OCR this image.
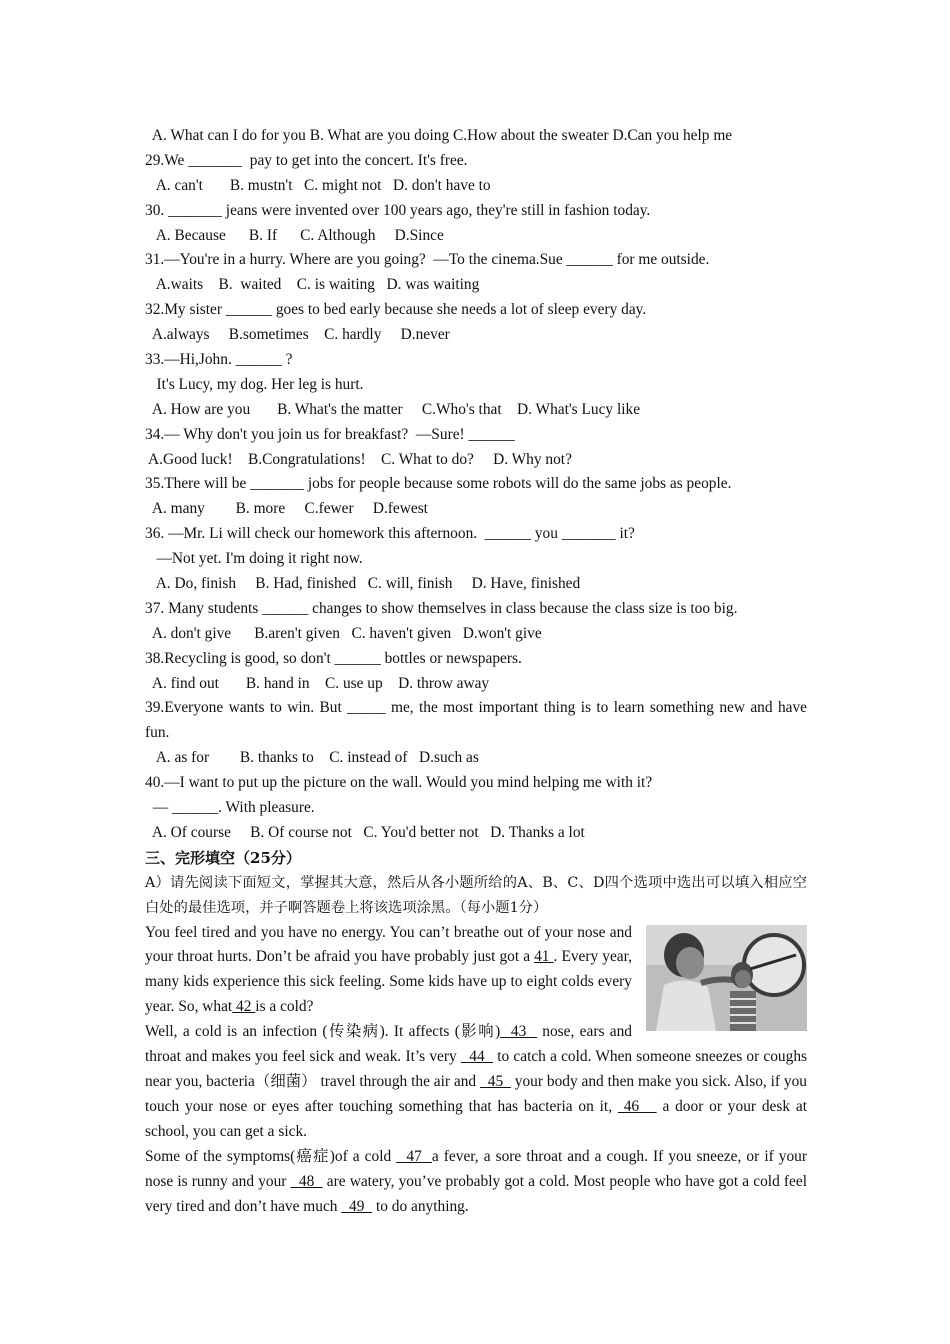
A. What can I do for you B. What are you doing C.How about the sweater D.Can you help me
29.We _______  pay to get into the concert. It's free.
A. can't       B. mustn't   C. might not   D. don't have to
30. _______ jeans were invented over 100 years ago, they're still in fashion today.
A. Because      B. If      C. Although     D.Since
31.—You're in a hurry. Where are you going?  —To the cinema.Sue ______ for me outside.
A.waits    B.  waited    C. is waiting   D. was waiting
32.My sister ______ goes to bed early because she needs a lot of sleep every day.
A.always     B.sometimes    C. hardly     D.never
33.—Hi,John. ______ ?
It's Lucy, my dog. Her leg is hurt.
A. How are you       B. What's the matter     C.Who's that    D. What's Lucy like
34.— Why don't you join us for breakfast?  —Sure! ______
A.Good luck!    B.Congratulations!    C. What to do?     D. Why not?
35.There will be _______ jobs for people because some robots will do the same jobs as people.
A. many        B. more     C.fewer     D.fewest
36. —Mr. Li will check our homework this afternoon.  ______ you _______ it?
—Not yet. I'm doing it right now.
A. Do, finish     B. Had, finished   C. will, finish     D. Have, finished
37. Many students ______ changes to show themselves in class because the class size is too big.
A. don't give      B.aren't given   C. haven't given   D.won't give
38.Recycling is good, so don't ______ bottles or newspapers.
A. find out       B. hand in    C. use up    D. throw away
39.Everyone wants to win. But _____ me, the most important thing is to learn something new and have fun.
A. as for        B. thanks to    C. instead of   D.such as
40.—I want to put up the picture on the wall. Would you mind helping me with it?
— ______. With pleasure.
A. Of course     B. Of course not   C. You'd better not   D. Thanks a lot
三、完形填空（25分）
A）请先阅读下面短文，掌握其大意，然后从各小题所给的A、B、C、D四个选项中选出可以填入相应空白处的最佳选项，并子啊答题卷上将该选项涂黑。（每小题1分）
You feel tired and you have no energy. You can’t breathe out of your nose and your throat hurts. Don’t be afraid you have probably just got a 41 . Every year, many kids experience this sick feeling. Some kids have up to eight colds every year. So, what 42 is a cold?
Well, a cold is an infection (传染病). It affects (影响)  43   nose, ears and throat and makes you feel sick and weak. It’s very   44   to catch a cold. When someone sneezes or coughs near you, bacteria（细菌） travel through the air and   45   your body and then make you sick. Also, if you touch your nose or eyes after touching something that has bacteria on it,  46    a door or your desk at school, you can get a sick.
Some of the symptoms(癌症)of a cold   47  a fever, a sore throat and a cough. If you sneeze, or if your nose is runny and your   48   are watery, you’ve probably got a cold. Most people who have got a cold feel very tired and don’t have much   49   to do anything.
